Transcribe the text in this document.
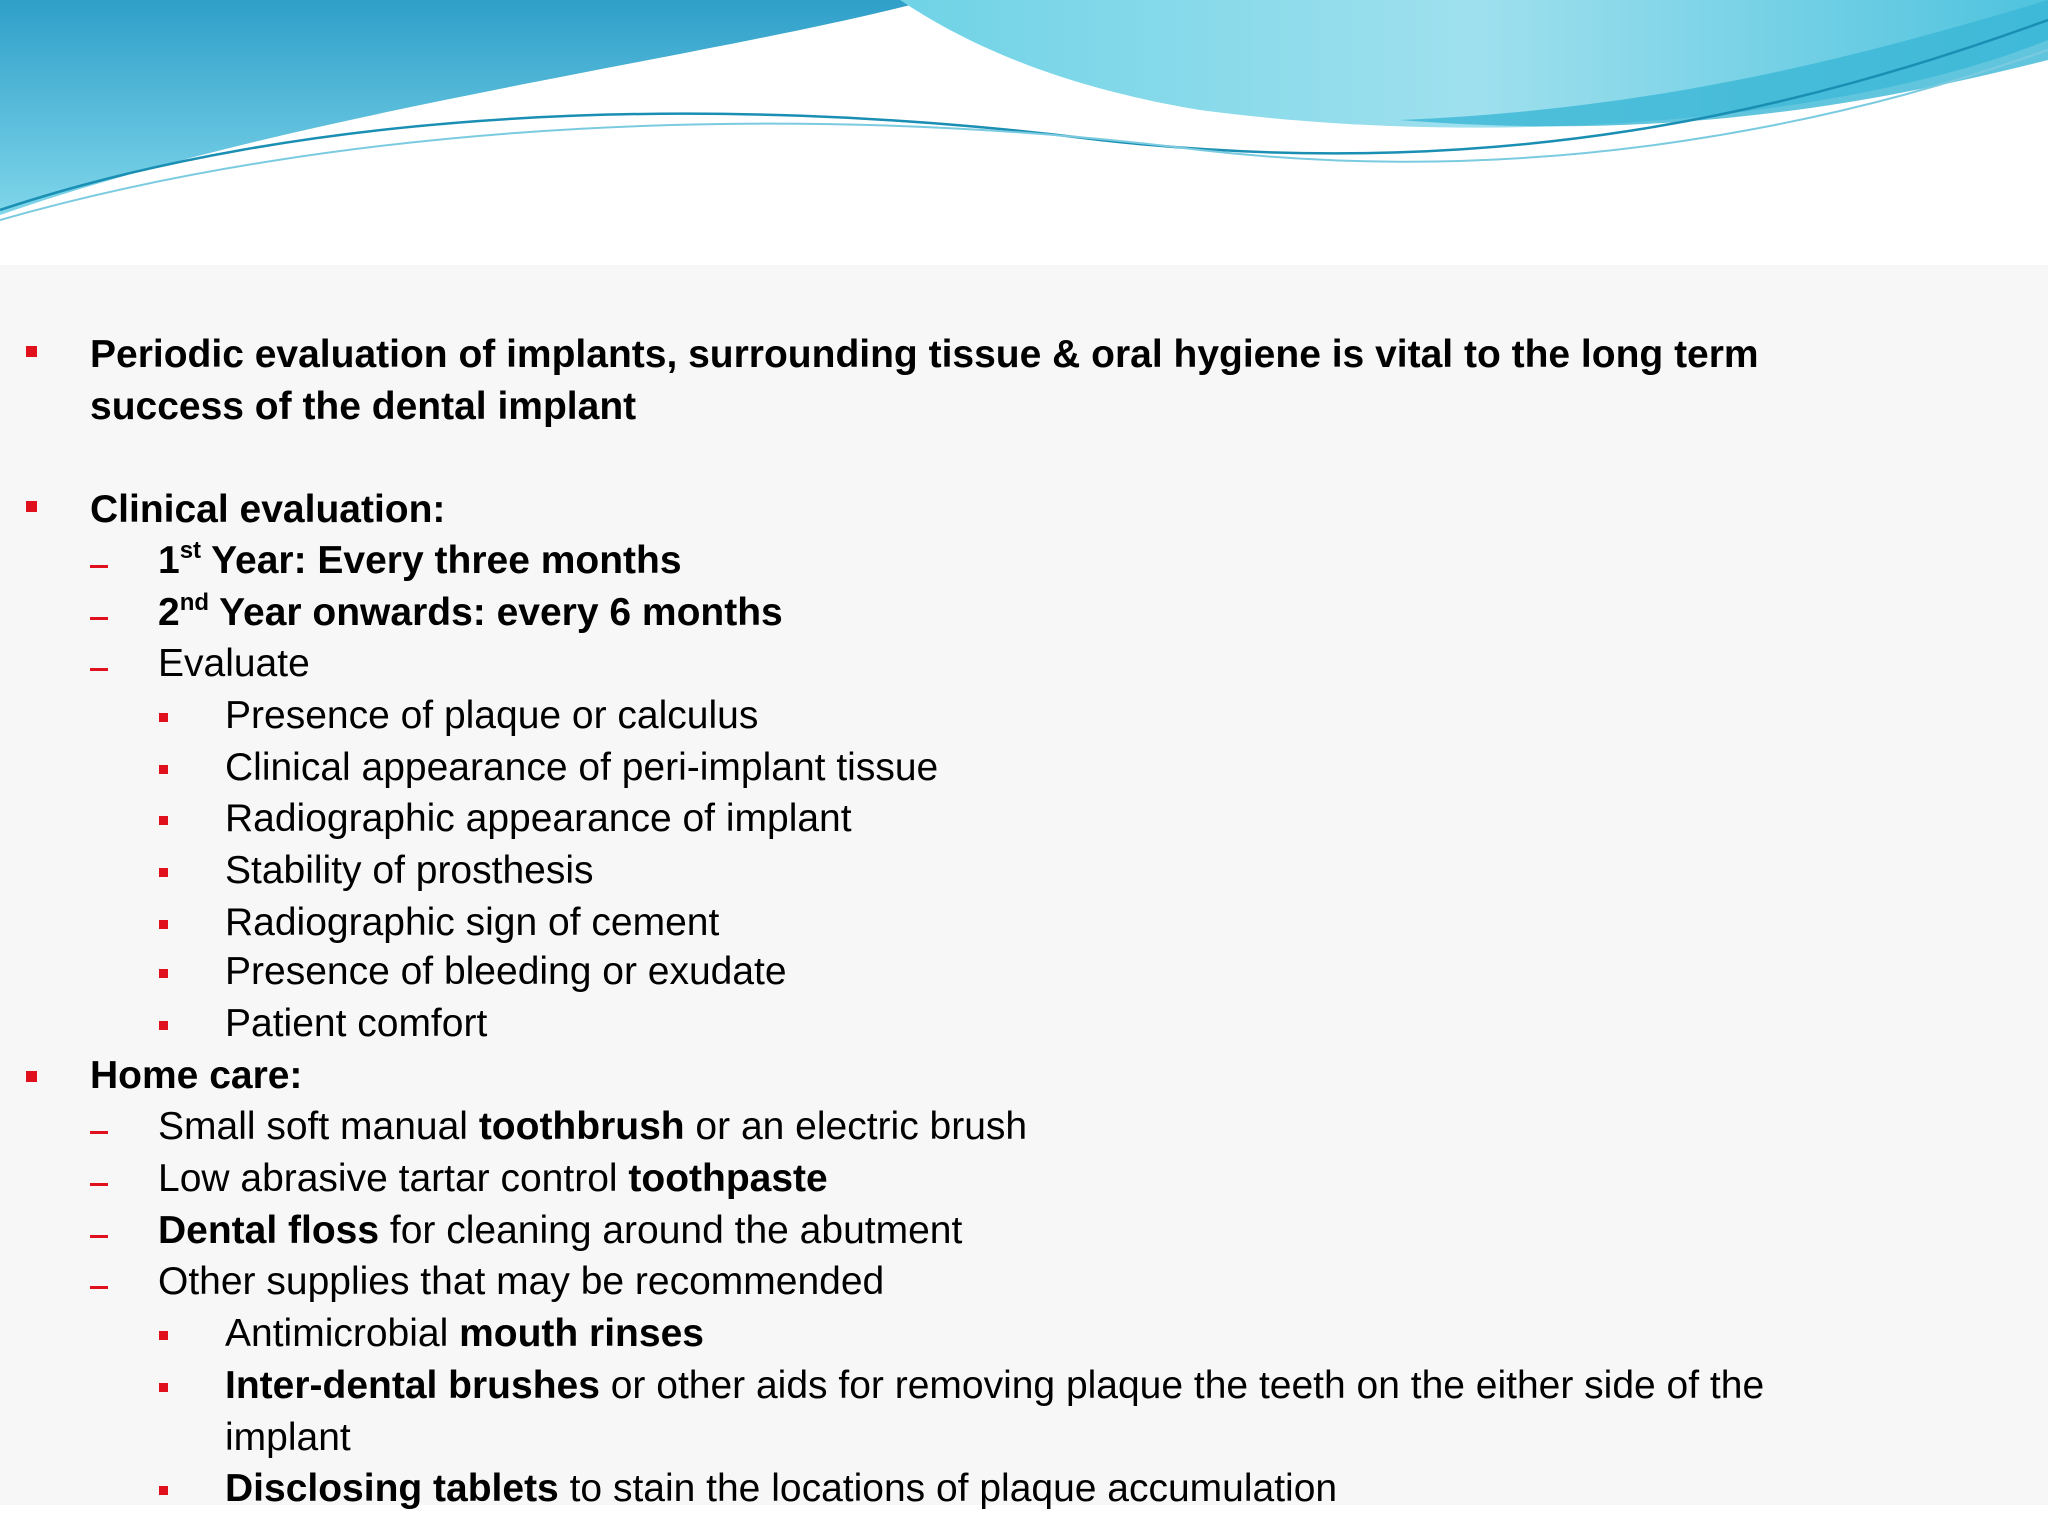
Periodic evaluation of implants, surrounding tissue & oral hygiene is vital to the long term
success of the dental implant
Clinical evaluation:
1st Year: Every three months
2nd Year onwards: every 6 months
Evaluate
Presence of plaque or calculus
Clinical appearance of peri-implant tissue
Radiographic appearance of implant
Stability of prosthesis
Radiographic sign of cement
Presence of bleeding or exudate
Patient comfort
Home care:
Small soft manual toothbrush or an electric brush
Low abrasive tartar control toothpaste
Dental floss for cleaning around the abutment
Other supplies that may be recommended
Antimicrobial mouth rinses
Inter-dental brushes or other aids for removing plaque the teeth on the either side of the
implant
Disclosing tablets to stain the locations of plaque accumulation
